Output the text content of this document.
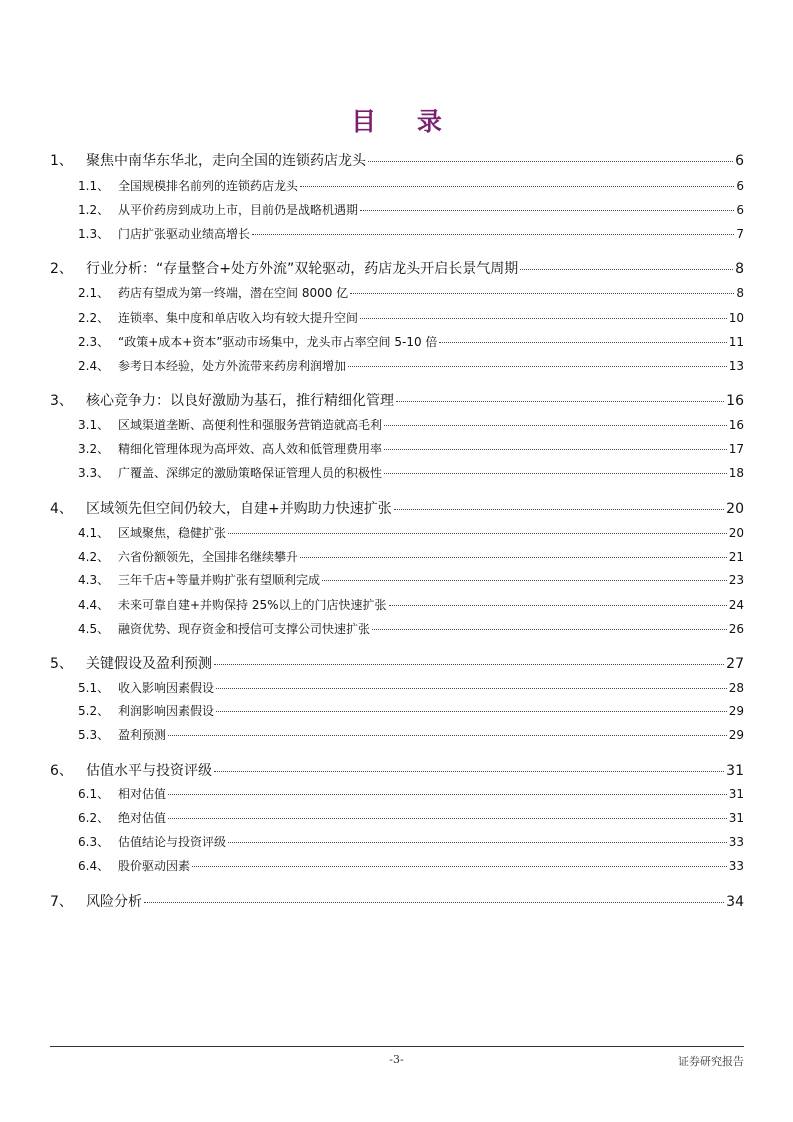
目 录
1、 聚焦中南华东华北，走向全国的连锁药店龙头	6
1.1、 全国规模排名前列的连锁药店龙头	6
1.2、 从平价药房到成功上市，目前仍是战略机遇期	6
1.3、 门店扩张驱动业绩高增长	7
2、 行业分析：“存量整合+处方外流”双轮驱动，药店龙头开启长景气周期	8
2.1、 药店有望成为第一终端，潜在空间 8000 亿	8
2.2、 连锁率、集中度和单店收入均有较大提升空间	10
2.3、 “政策+成本+资本”驱动市场集中，龙头市占率空间 5-10 倍	11
2.4、 参考日本经验，处方外流带来药房利润增加	13
3、 核心竞争力：以良好激励为基石，推行精细化管理	16
3.1、 区域渠道垄断、高便利性和强服务营销造就高毛利	16
3.2、 精细化管理体现为高坪效、高人效和低管理费用率	17
3.3、 广覆盖、深绑定的激励策略保证管理人员的积极性	18
4、 区域领先但空间仍较大，自建+并购助力快速扩张	20
4.1、 区域聚焦，稳健扩张	20
4.2、 六省份额领先，全国排名继续攀升	21
4.3、 三年千店+等量并购扩张有望顺利完成	23
4.4、 未来可靠自建+并购保持 25%以上的门店快速扩张	24
4.5、 融资优势、现存资金和授信可支撑公司快速扩张	26
5、 关键假设及盈利预测	27
5.1、 收入影响因素假设	28
5.2、 利润影响因素假设	29
5.3、 盈利预测	29
6、 估值水平与投资评级	31
6.1、 相对估值	31
6.2、 绝对估值	31
6.3、 估值结论与投资评级	33
6.4、 股价驱动因素	33
7、 风险分析	34
-3-	证券研究报告
